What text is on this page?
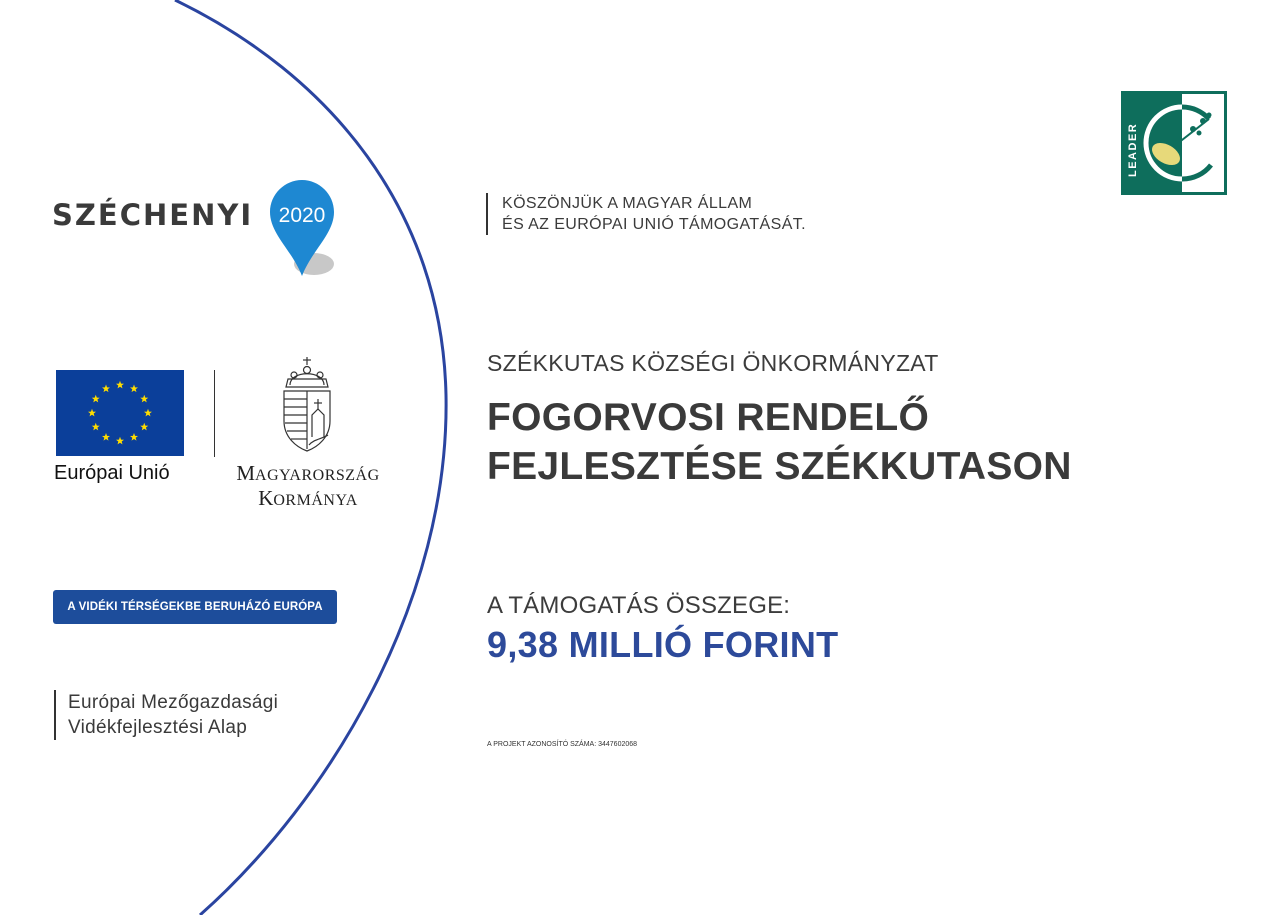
SZÉCHENYI 2020
KÖSZÖNJÜK A MAGYAR ÁLLAM
ÉS AZ EURÓPAI UNIÓ TÁMOGATÁSÁT.
Európai Unió	MAGYARORSZÁG
KORMÁNYA
A VIDÉKI TÉRSÉGEKBE BERUHÁZÓ EURÓPA
Európai Mezőgazdasági
Vidékfejlesztési Alap
SZÉKKUTAS KÖZSÉGI ÖNKORMÁNYZAT
FOGORVOSI RENDELŐ
FEJLESZTÉSE SZÉKKUTASON
A TÁMOGATÁS ÖSSZEGE:
9,38 MILLIÓ FORINT
A PROJEKT AZONOSÍTÓ SZÁMA: 3447602068
LEADER
